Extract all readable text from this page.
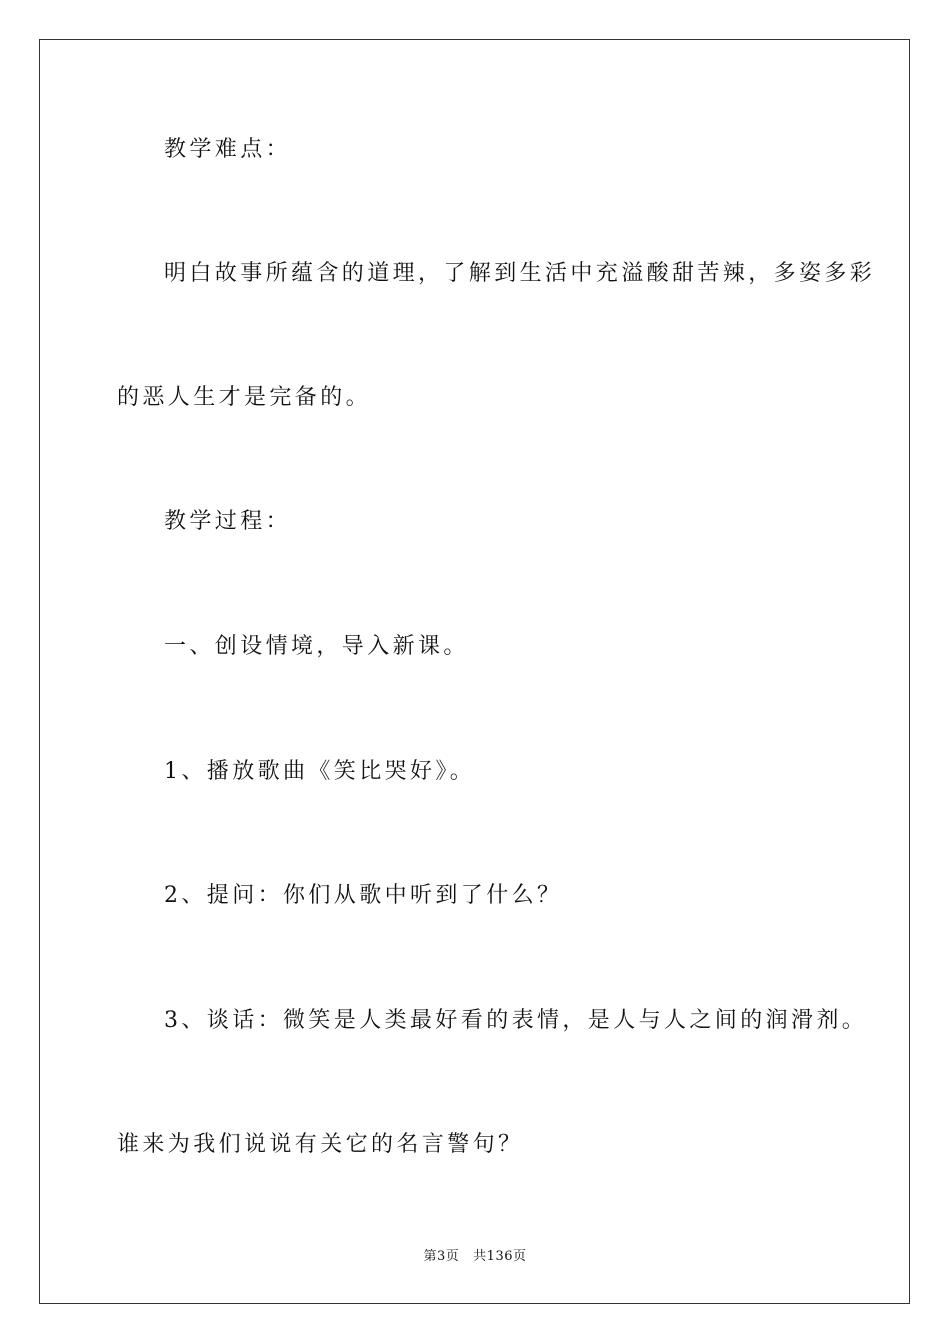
教学难点：
明白故事所蕴含的道理，了解到生活中充溢酸甜苦辣，多姿多彩
的恶人生才是完备的。
教学过程：
一、创设情境，导入新课。
1、播放歌曲《笑比哭好》。
2、提问：你们从歌中听到了什么？
3、谈话：微笑是人类最好看的表情，是人与人之间的润滑剂。
谁来为我们说说有关它的名言警句？
第3页   共136页
